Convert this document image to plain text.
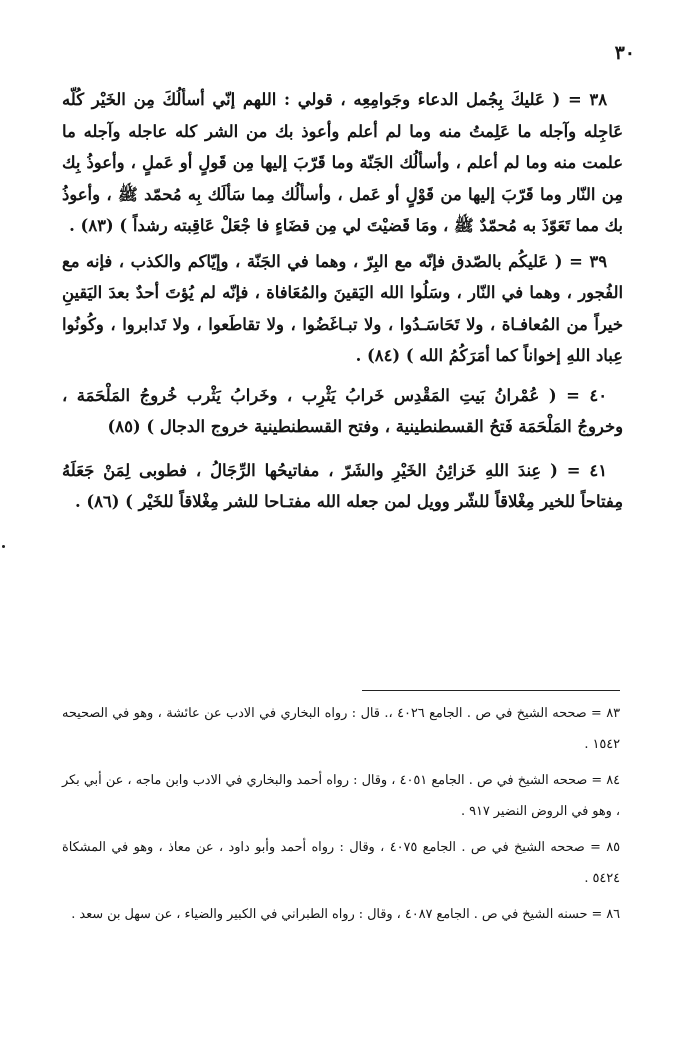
٣٠

٣٨ = ( عَليكَ بِجُمل الدعاء وجَوامِعِه ، قولي : اللهم إنّي أسألُكَ مِن الخَيْر كُلّه عَاجِله وآجله ما عَلِمتُ منه وما لم أعلم وأعوذ بك من الشر كله عاجله وآجله ما علمت منه وما لم أعلم ، وأسألُك الجَنّة وما قَرّبَ إليها مِن قَولٍ أو عَملٍ ، وأعوذُ بِك مِن النّار وما قَرّبَ إليها من قَوْلٍ أو عَمل ، وأسألُك مِما سَألَك بِه مُحمّد ﷺ ، وأعوذُ بك مما تَعَوّذَ به مُحمّدٌ ﷺ ، ومَا قَضيْتَ لي مِن قضَاءٍ فا جْعَلْ عَاقِبته رشداً ) (٨٣) .

٣٩ = ( عَليكُم بالصّدق فإنّه مع البِرّ ، وهما في الجَنّة ، وإيّاكم والكذب ، فإنه مع الفُجور ، وهما في النّار ، وسَلُوا الله اليَقينَ والمُعَافاة ، فإنّه لم يُؤتَ أحدٌ بعدَ اليَقينِ خيراً من المُعافـاة ، ولا تَحَاسَـدُوا ، ولا تبـاغَضُوا ، ولا تقاطَعوا ، ولا تَدابروا ، وكُونُوا عِباد اللهِ إخواناً كما أمَرَكُمُ الله ) (٨٤) .

٤٠ = ( عُمْرانُ بَيتِ المَقْدِس خَرابُ يَثْرِب ، وخَرابُ يَثْرب خُروجُ المَلْحَمَة ، وخروجُ المَلْحَمَة فَتحُ القسطنطينية ، وفتح القسطنطينية خروج الدجال ) (٨٥)

٤١ = ( عِندَ اللهِ خَزائِنُ الخَيْرِ والشَرّ ، مفاتيحُها الرِّجَالُ ، فطوبى لِمَنْ جَعَلَهُ مِفتاحاً للخير مِغْلاقاً للشّر وويل لمن جعله الله مفتـاحا للشر مِغْلاقاً للخَيْر ) (٨٦) .

٨٣ = صححه الشيخ في ص . الجامع ٤٠٢٦ ،. قال : رواه البخاري في الادب عن عائشة ، وهو في الصحيحه ١٥٤٢ .

٨٤ = صححه الشيخ في ص . الجامع ٤٠٥١ ، وقال : رواه أحمد والبخاري في الادب وابن ماجه ، عن أبي بكر ، وهو في الروض النضير ٩١٧ .

٨٥ = صححه الشيخ في ص . الجامع ٤٠٧٥ ، وقال : رواه أحمد وأبو داود ، عن معاذ ، وهو في المشكاة ٥٤٢٤ .

٨٦ = حسنه الشيخ في ص . الجامع ٤٠٨٧ ، وقال : رواه الطبراني في الكبير والضياء ، عن سهل بن سعد .
